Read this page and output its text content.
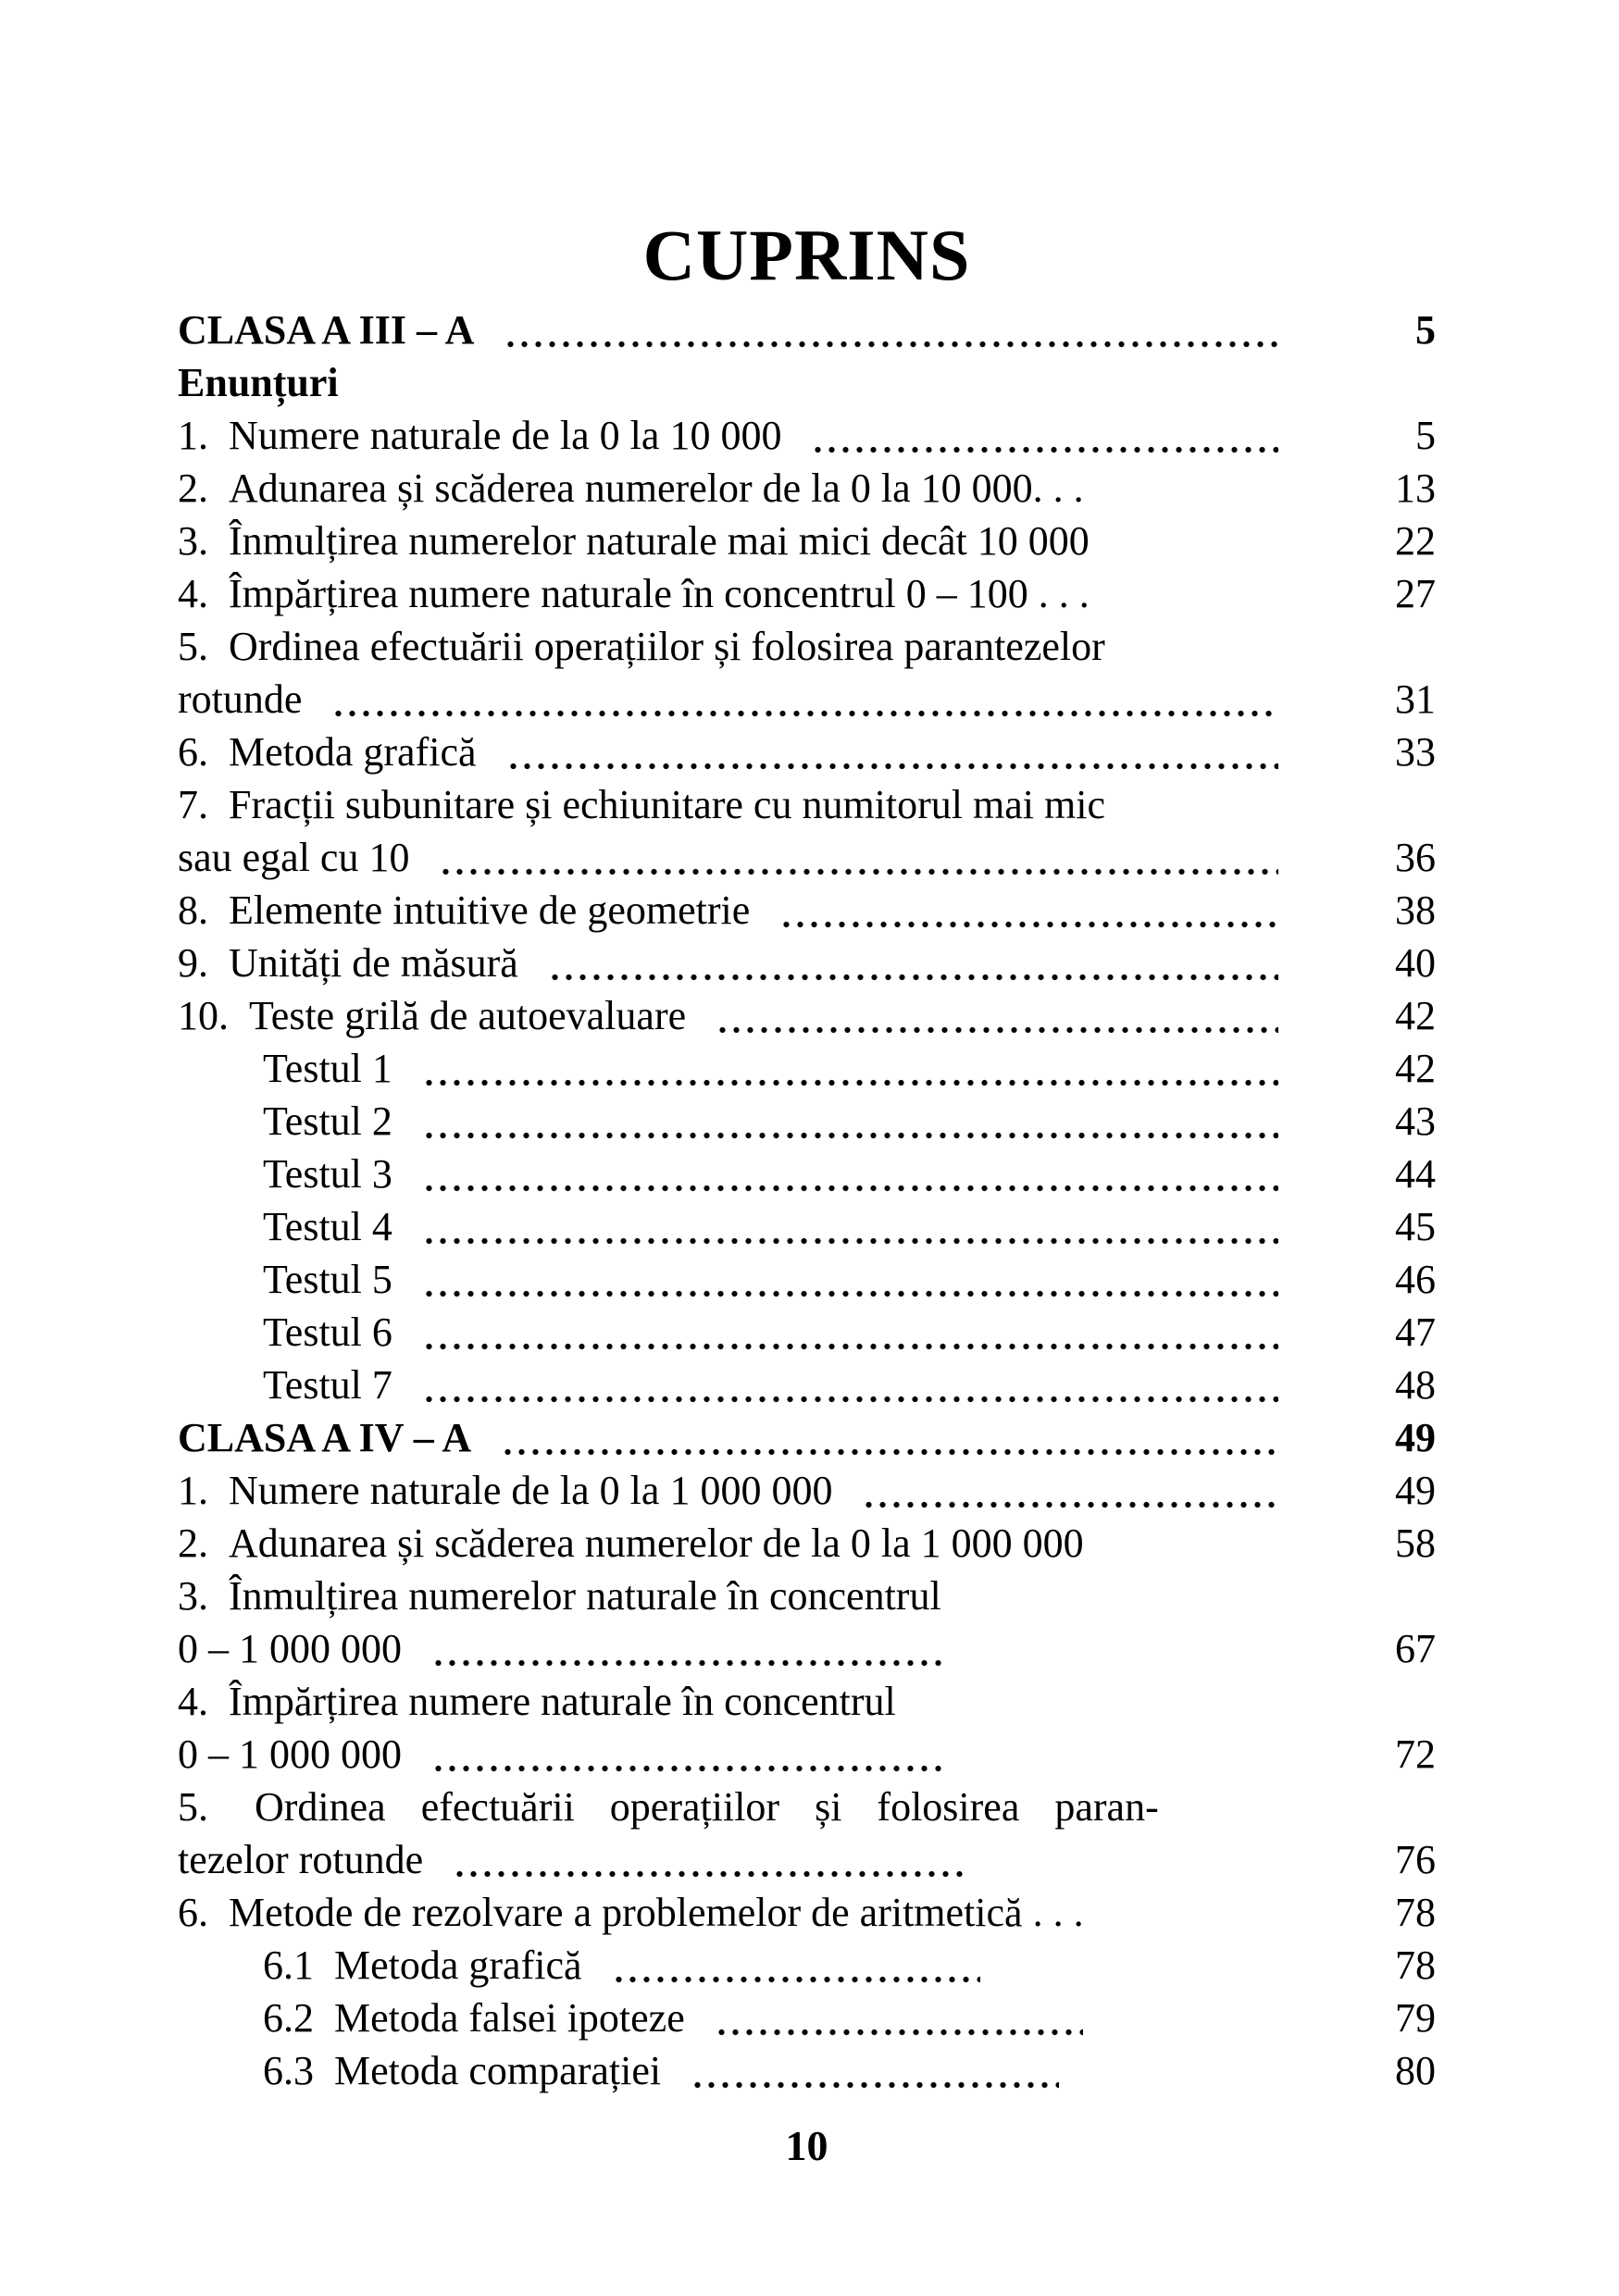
CUPRINS
CLASA A III – A	5
Enunțuri
1. Numere naturale de la 0 la 10 000	5
2. Adunarea și scăderea numerelor de la 0 la 10 000. . .	13
3. Înmulțirea numerelor naturale mai mici decât 10 000	22
4. Împărțirea numere naturale în concentrul 0 – 100 . . .	27
5. Ordinea efectuării operațiilor și folosirea parantezelor
rotunde	31
6. Metoda grafică	33
7. Fracții subunitare și echiunitare cu numitorul mai mic
sau egal cu 10	36
8. Elemente intuitive de geometrie	38
9. Unități de măsură	40
10. Teste grilă de autoevaluare	42
Testul 1	42
Testul 2	43
Testul 3	44
Testul 4	45
Testul 5	46
Testul 6	47
Testul 7	48
CLASA A IV – A	49
1. Numere naturale de la 0 la 1 000 000	49
2. Adunarea și scăderea numerelor de la 0 la 1 000 000	58
3. Înmulțirea numerelor naturale în concentrul
0 – 1 000 000	67
4. Împărțirea numere naturale în concentrul
0 – 1 000 000	72
5. Ordinea efectuării operațiilor și folosirea paran-
tezelor rotunde	76
6. Metode de rezolvare a problemelor de aritmetică . . .	78
6.1 Metoda grafică	78
6.2 Metoda falsei ipoteze	79
6.3 Metoda comparației	80
10
